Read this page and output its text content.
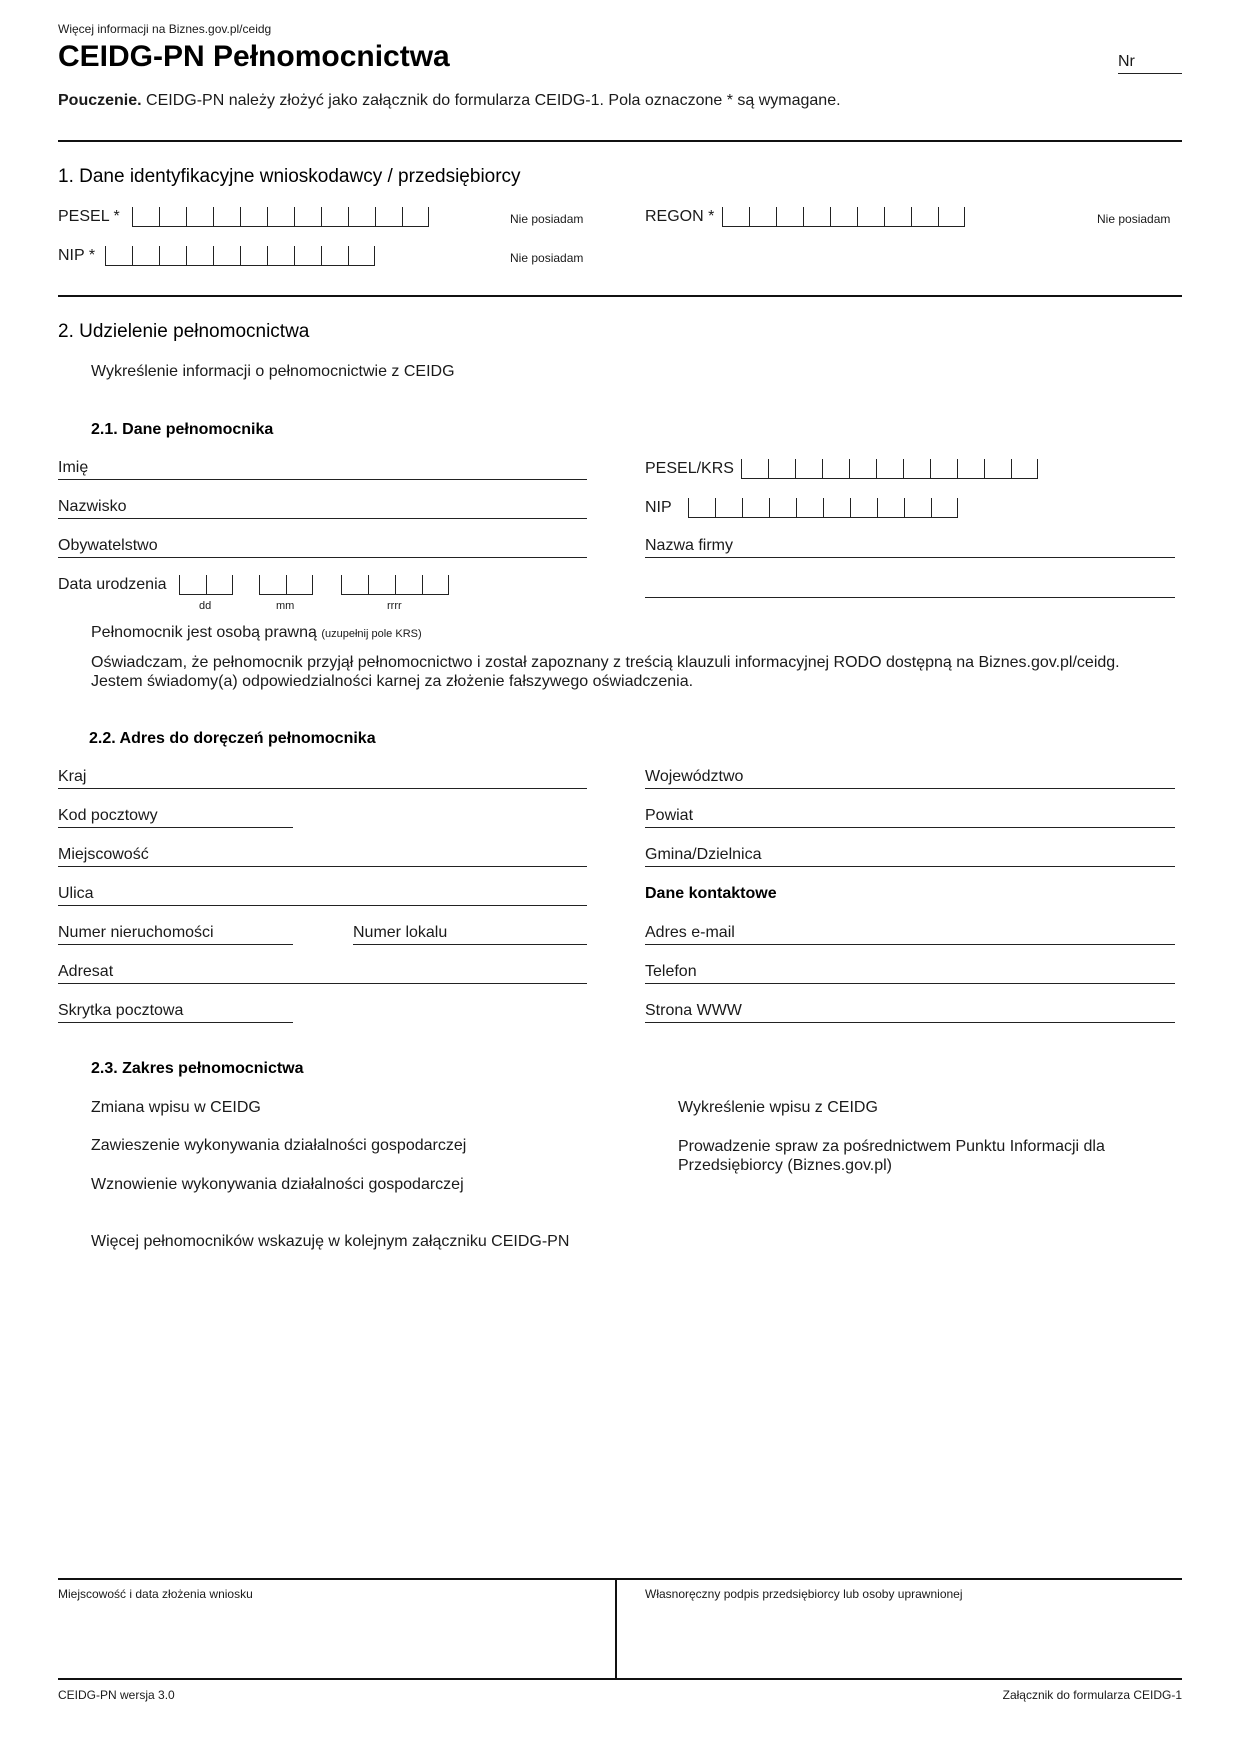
Więcej informacji na Biznes.gov.pl/ceidg
CEIDG-PN Pełnomocnictwa	Nr
Pouczenie. CEIDG-PN należy złożyć jako załącznik do formularza CEIDG-1. Pola oznaczone * są wymagane.
1. Dane identyfikacyjne wnioskodawcy / przedsiębiorcy
PESEL *	Nie posiadam	REGON *	Nie posiadam
NIP *	Nie posiadam
2. Udzielenie pełnomocnictwa
Wykreślenie informacji o pełnomocnictwie z CEIDG
2.1. Dane pełnomocnika
Imię
Nazwisko
Obywatelstwo
Data urodzenia
dd	mm	rrrr
PESEL/KRS
NIP
Nazwa firmy
Pełnomocnik jest osobą prawną (uzupełnij pole KRS)
Oświadczam, że pełnomocnik przyjął pełnomocnictwo i został zapoznany z treścią klauzuli informacyjnej RODO dostępną na Biznes.gov.pl/ceidg.
Jestem świadomy(a) odpowiedzialności karnej za złożenie fałszywego oświadczenia.
2.2. Adres do doręczeń pełnomocnika
Kraj
Kod pocztowy
Miejscowość
Ulica
Numer nieruchomości	Numer lokalu
Adresat
Skrytka pocztowa
Województwo
Powiat
Gmina/Dzielnica
Dane kontaktowe
Adres e-mail
Telefon
Strona WWW
2.3. Zakres pełnomocnictwa
Zmiana wpisu w CEIDG
Zawieszenie wykonywania działalności gospodarczej
Wznowienie wykonywania działalności gospodarczej
Wykreślenie wpisu z CEIDG
Prowadzenie spraw za pośrednictwem Punktu Informacji dla
Przedsiębiorcy (Biznes.gov.pl)
Więcej pełnomocników wskazuję w kolejnym załączniku CEIDG-PN
Miejscowość i data złożenia wniosku	Własnoręczny podpis przedsiębiorcy lub osoby uprawnionej
CEIDG-PN wersja 3.0	Załącznik do formularza CEIDG-1
